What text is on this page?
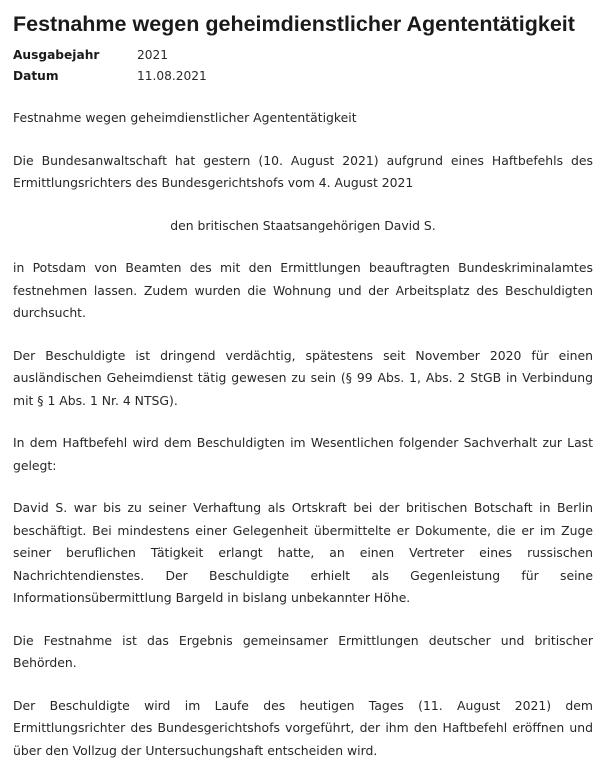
Festnahme wegen geheimdienstlicher Agententätigkeit
Ausgabejahr	2021
Datum	11.08.2021

Festnahme wegen geheimdienstlicher Agententätigkeit

Die Bundesanwaltschaft hat gestern (10. August 2021) aufgrund eines Haftbefehls des Ermittlungsrichters des Bundesgerichtshofs vom 4. August 2021

den britischen Staatsangehörigen David S.

in Potsdam von Beamten des mit den Ermittlungen beauftragten Bundeskriminalamtes festnehmen lassen. Zudem wurden die Wohnung und der Arbeitsplatz des Beschuldigten durchsucht.

Der Beschuldigte ist dringend verdächtig, spätestens seit November 2020 für einen ausländischen Geheimdienst tätig gewesen zu sein (§ 99 Abs. 1, Abs. 2 StGB in Verbindung mit § 1 Abs. 1 Nr. 4 NTSG).

In dem Haftbefehl wird dem Beschuldigten im Wesentlichen folgender Sachverhalt zur Last gelegt:

David S. war bis zu seiner Verhaftung als Ortskraft bei der britischen Botschaft in Berlin beschäftigt. Bei mindestens einer Gelegenheit übermittelte er Dokumente, die er im Zuge seiner beruflichen Tätigkeit erlangt hatte, an einen Vertreter eines russischen Nachrichtendienstes. Der Beschuldigte erhielt als Gegenleistung für seine Informationsübermittlung Bargeld in bislang unbekannter Höhe.

Die Festnahme ist das Ergebnis gemeinsamer Ermittlungen deutscher und britischer Behörden.

Der Beschuldigte wird im Laufe des heutigen Tages (11. August 2021) dem Ermittlungsrichter des Bundesgerichtshofs vorgeführt, der ihm den Haftbefehl eröffnen und über den Vollzug der Untersuchungshaft entscheiden wird.
